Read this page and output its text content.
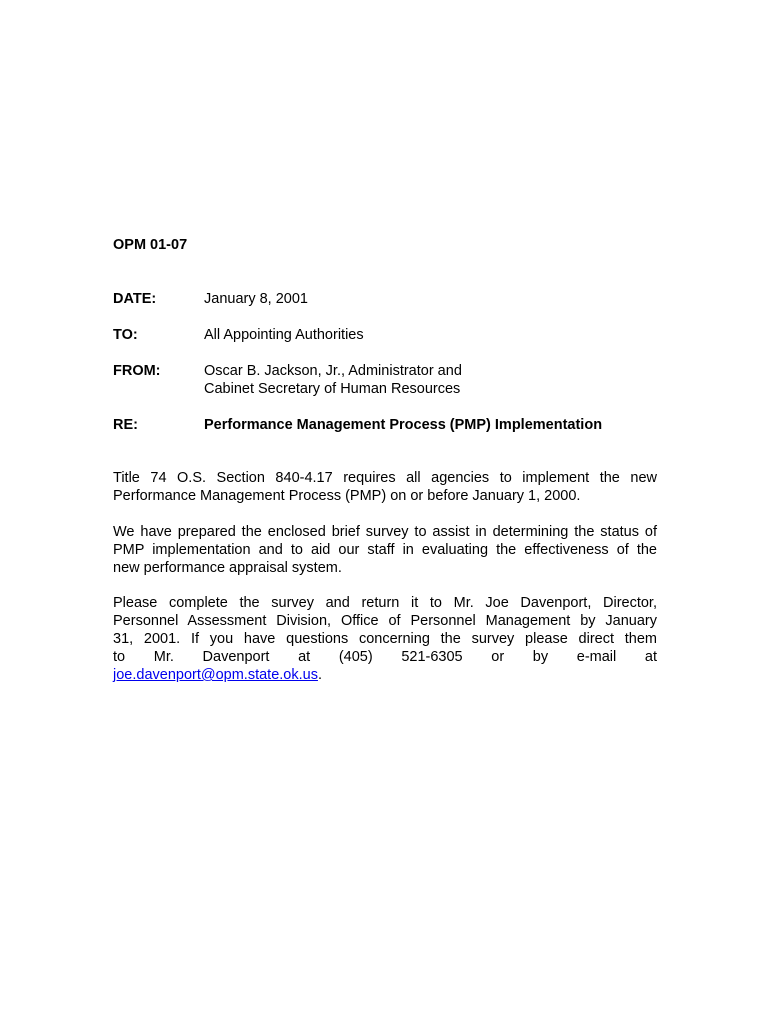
OPM 01-07
DATE:	January 8, 2001
TO:	All Appointing Authorities
FROM:	Oscar B. Jackson, Jr., Administrator and
Cabinet Secretary of Human Resources
RE:	Performance Management Process (PMP) Implementation
Title 74 O.S. Section 840-4.17 requires all agencies to implement the new
Performance Management Process (PMP) on or before January 1, 2000.
We have prepared the enclosed brief survey to assist in determining the status of
PMP implementation and to aid our staff in evaluating the effectiveness of the
new performance appraisal system.
Please complete the survey and return it to Mr. Joe Davenport, Director,
Personnel Assessment Division, Office of Personnel Management by January
31, 2001. If you have questions concerning the survey please direct them
to Mr. Davenport at (405) 521-6305 or by e-mail at
joe.davenport@opm.state.ok.us.
